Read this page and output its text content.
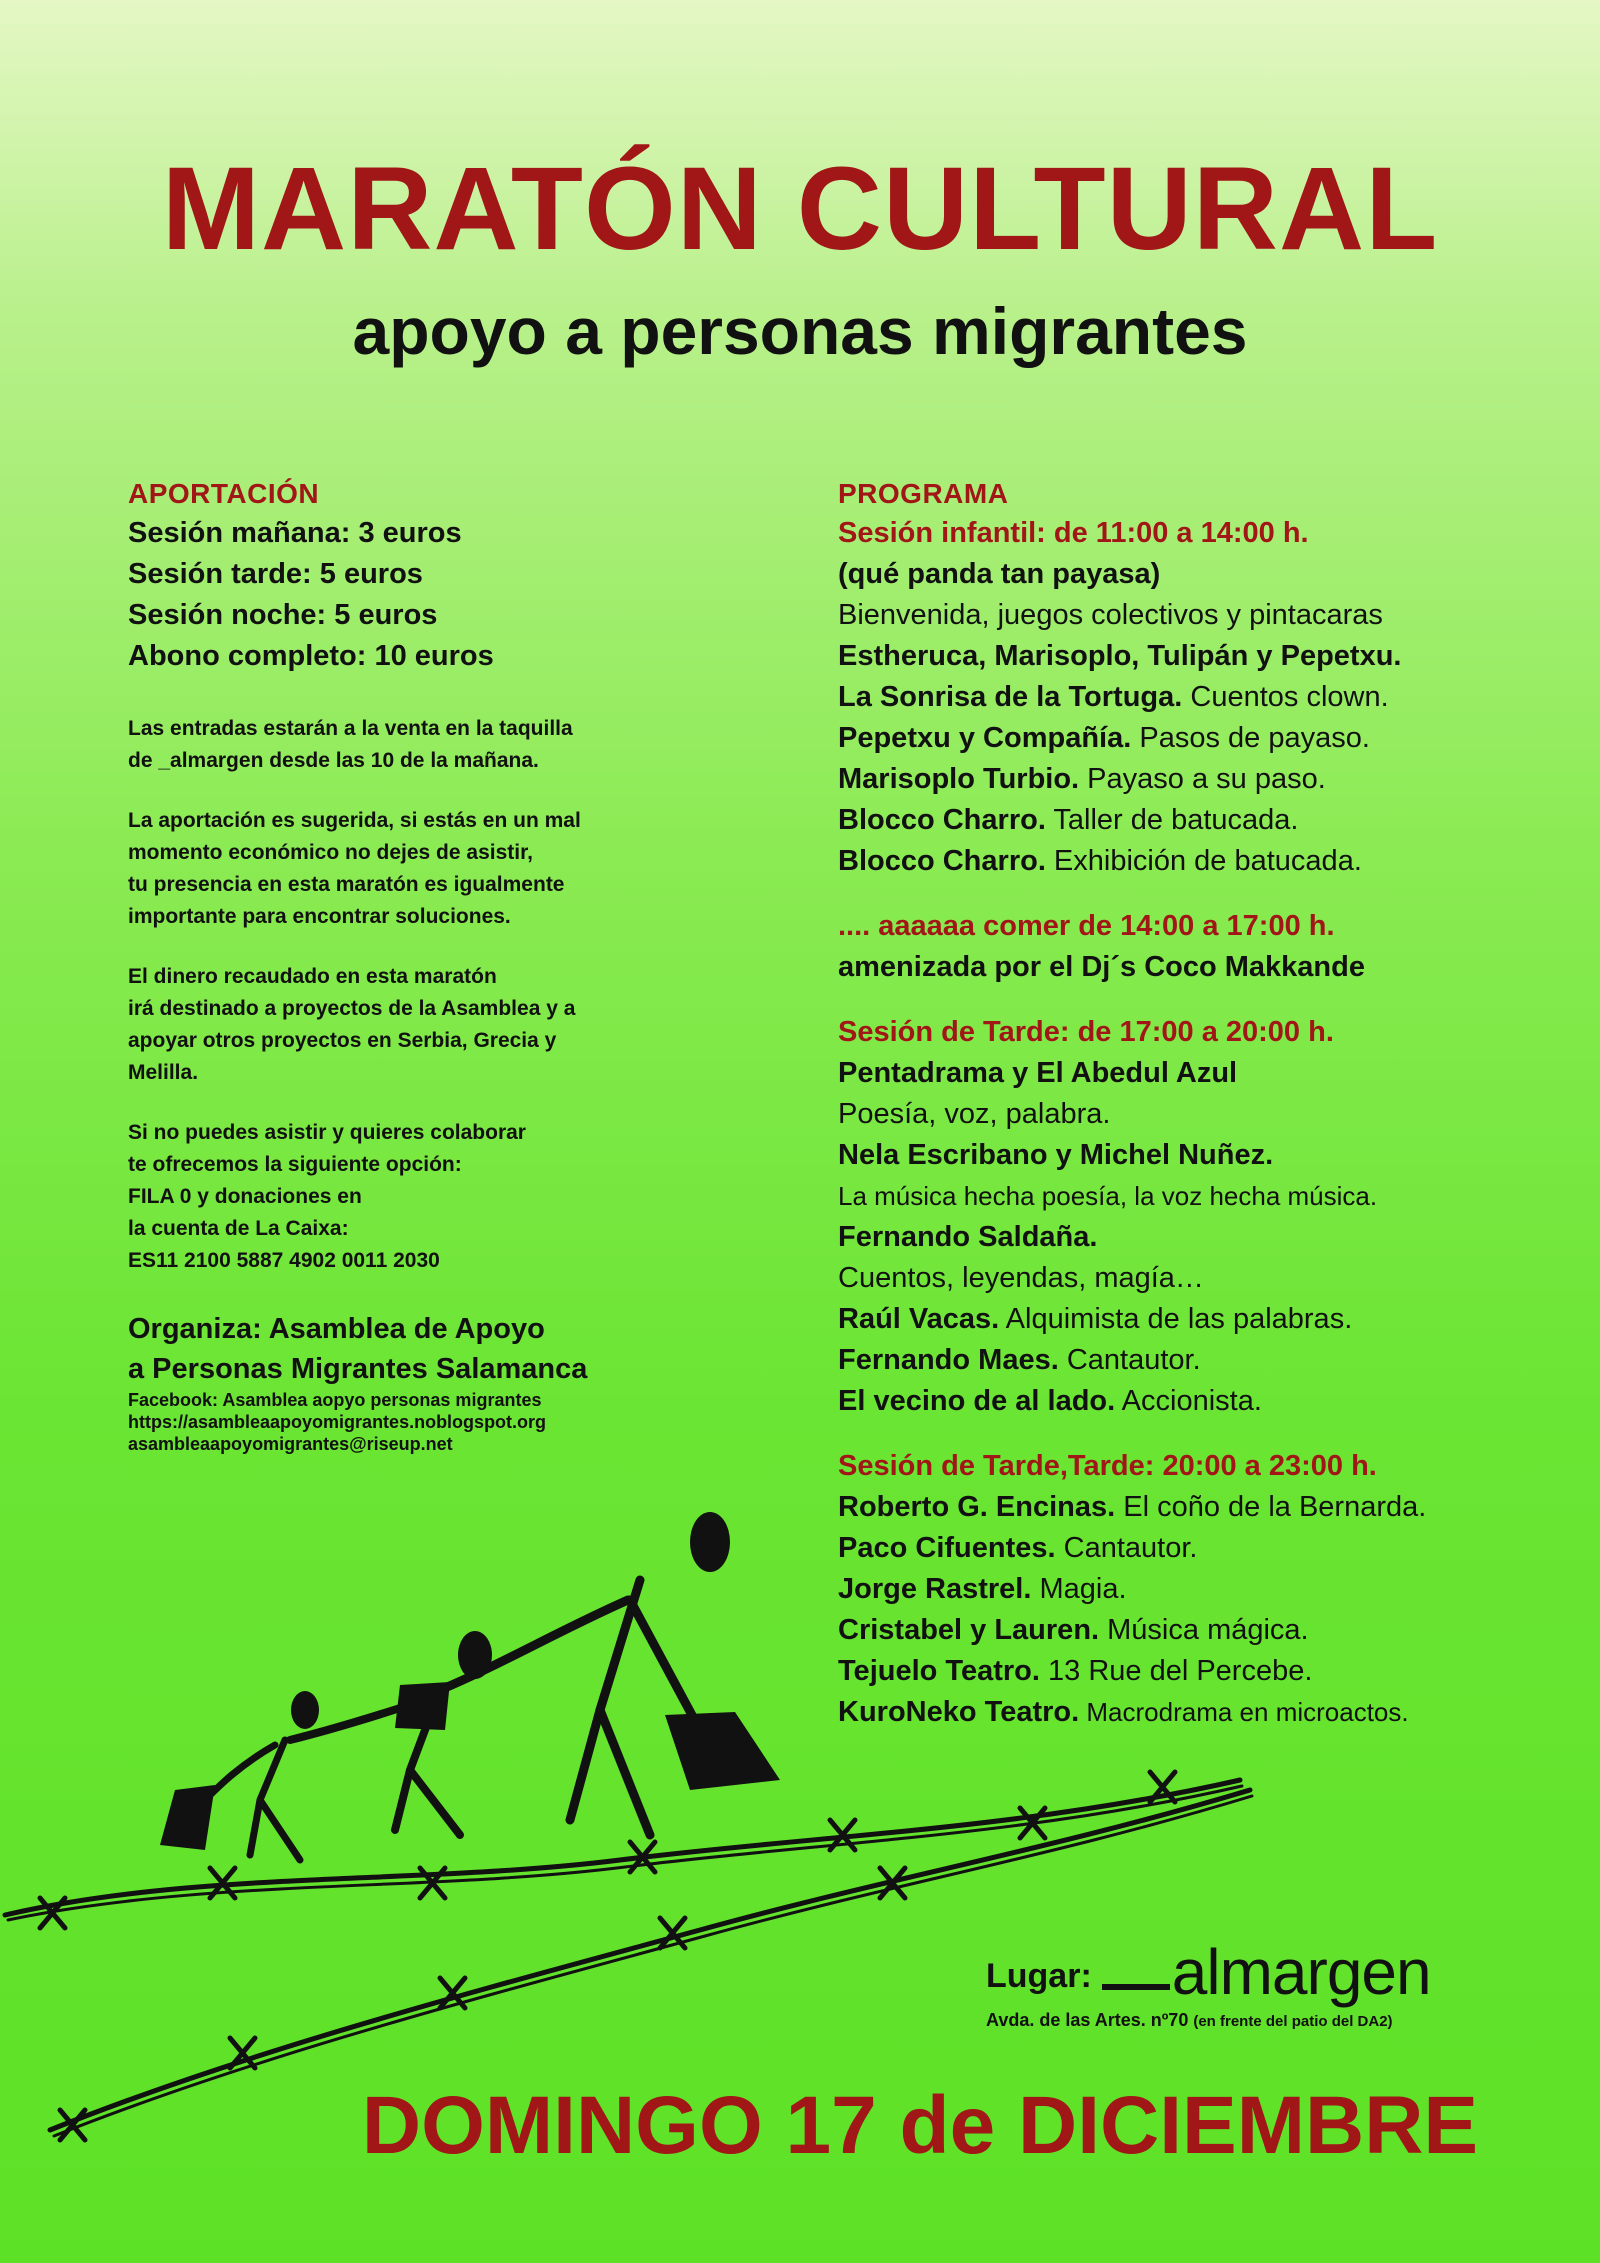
MARATÓN CULTURAL
apoyo a personas migrantes
APORTACIÓN
Sesión mañana: 3 euros
Sesión tarde: 5 euros
Sesión noche: 5 euros
Abono completo: 10 euros
Las entradas estarán a la venta en la taquilla
de _almargen desde las 10 de la mañana.
La aportación es sugerida, si estás en un mal
momento económico no dejes de asistir,
tu presencia en esta maratón es igualmente
importante para encontrar soluciones.
El dinero recaudado en esta maratón
irá destinado a proyectos de la Asamblea y a
apoyar otros proyectos en Serbia, Grecia y
Melilla.
Si no puedes asistir y quieres colaborar
te ofrecemos la siguiente opción:
FILA 0 y donaciones en
la cuenta de La Caixa:
ES11 2100 5887 4902 0011 2030
Organiza: Asamblea de Apoyo
a Personas Migrantes Salamanca
Facebook: Asamblea aopyo personas migrantes
https://asambleaapoyomigrantes.noblogspot.org
asambleaapoyomigrantes@riseup.net
PROGRAMA
Sesión infantil: de 11:00 a 14:00 h.
(qué panda tan payasa)
Bienvenida, juegos colectivos y pintacaras
Estheruca, Marisoplo, Tulipán y Pepetxu.
La Sonrisa de la Tortuga. Cuentos clown.
Pepetxu y Compañía. Pasos de payaso.
Marisoplo Turbio. Payaso a su paso.
Blocco Charro. Taller de batucada.
Blocco Charro. Exhibición de batucada.
.... aaaaaa comer de 14:00 a 17:00 h.
amenizada por el Dj´s Coco Makkande
Sesión de Tarde: de 17:00 a 20:00 h.
Pentadrama y El Abedul Azul
Poesía, voz, palabra.
Nela Escribano y Michel Nuñez.
La música hecha poesía, la voz hecha música.
Fernando Saldaña.
Cuentos, leyendas, magía…
Raúl Vacas. Alquimista de las palabras.
Fernando Maes. Cantautor.
El vecino de al lado. Accionista.
Sesión de Tarde,Tarde: 20:00 a 23:00 h.
Roberto G. Encinas. El coño de la Bernarda.
Paco Cifuentes. Cantautor.
Jorge Rastrel. Magia.
Cristabel y Lauren. Música mágica.
Tejuelo Teatro. 13 Rue del Percebe.
KuroNeko Teatro. Macrodrama en microactos.
Lugar: almargen
Avda. de las Artes. nº70 (en frente del patio del DA2)
DOMINGO 17 de DICIEMBRE
